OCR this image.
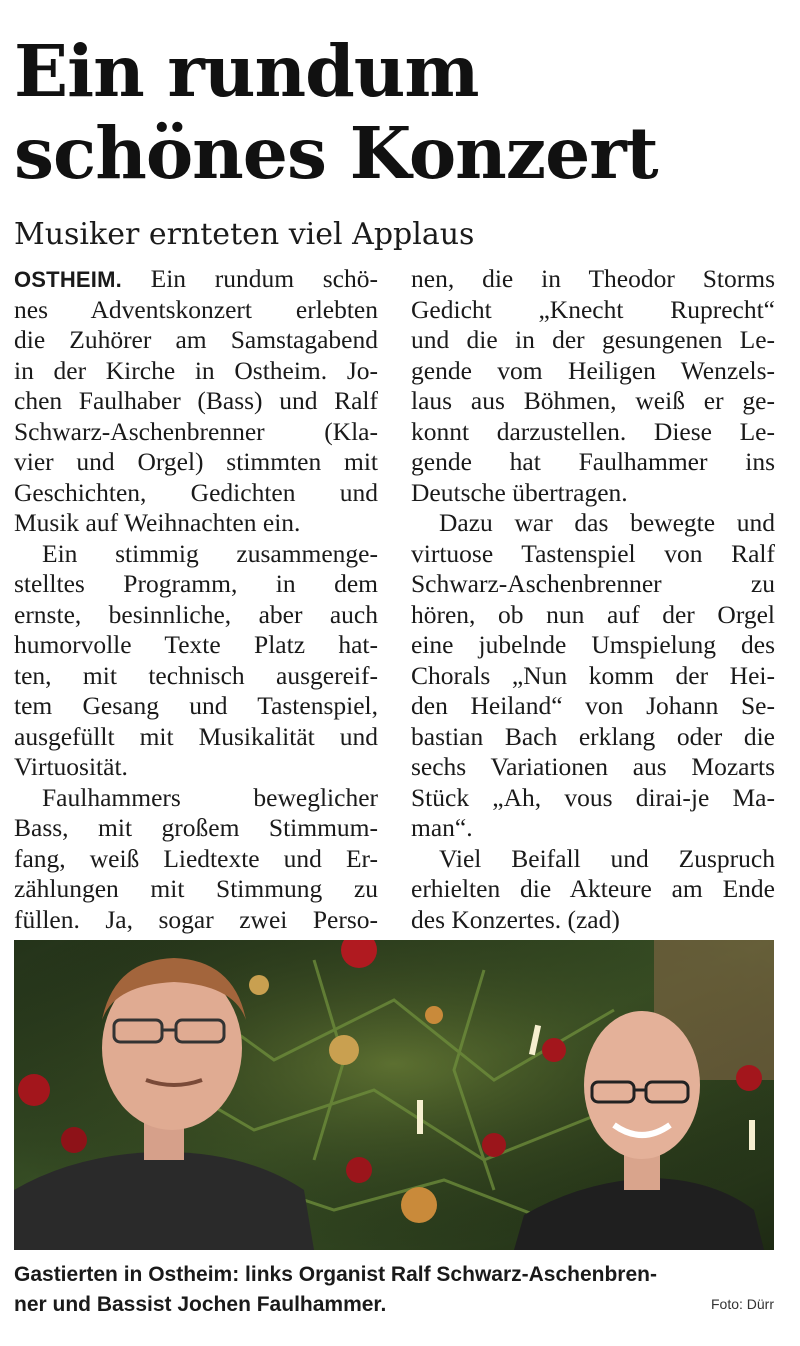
Ein rundum
schönes Konzert
Musiker ernteten viel Applaus
OSTHEIM. Ein rundum schö-
nes Adventskonzert erlebten
die Zuhörer am Samstagabend
in der Kirche in Ostheim. Jo-
chen Faulhaber (Bass) und Ralf
Schwarz-Aschenbrenner (Kla-
vier und Orgel) stimmten mit
Geschichten, Gedichten und
Musik auf Weihnachten ein.
Ein stimmig zusammenge-
stelltes Programm, in dem
ernste, besinnliche, aber auch
humorvolle Texte Platz hat-
ten, mit technisch ausgereif-
tem Gesang und Tastenspiel,
ausgefüllt mit Musikalität und
Virtuosität.
Faulhammers beweglicher
Bass, mit großem Stimmum-
fang, weiß Liedtexte und Er-
zählungen mit Stimmung zu
füllen. Ja, sogar zwei Perso-
nen, die in Theodor Storms
Gedicht „Knecht Ruprecht“
und die in der gesungenen Le-
gende vom Heiligen Wenzels-
laus aus Böhmen, weiß er ge-
konnt darzustellen. Diese Le-
gende hat Faulhammer ins
Deutsche übertragen.
Dazu war das bewegte und
virtuose Tastenspiel von Ralf
Schwarz-Aschenbrenner zu
hören, ob nun auf der Orgel
eine jubelnde Umspielung des
Chorals „Nun komm der Hei-
den Heiland“ von Johann Se-
bastian Bach erklang oder die
sechs Variationen aus Mozarts
Stück „Ah, vous dirai-je Ma-
man“.
Viel Beifall und Zuspruch
erhielten die Akteure am Ende
des Konzertes. (zad)
Gastierten in Ostheim: links Organist Ralf Schwarz-Aschenbren-
ner und Bassist Jochen Faulhammer.	Foto: Dürr
